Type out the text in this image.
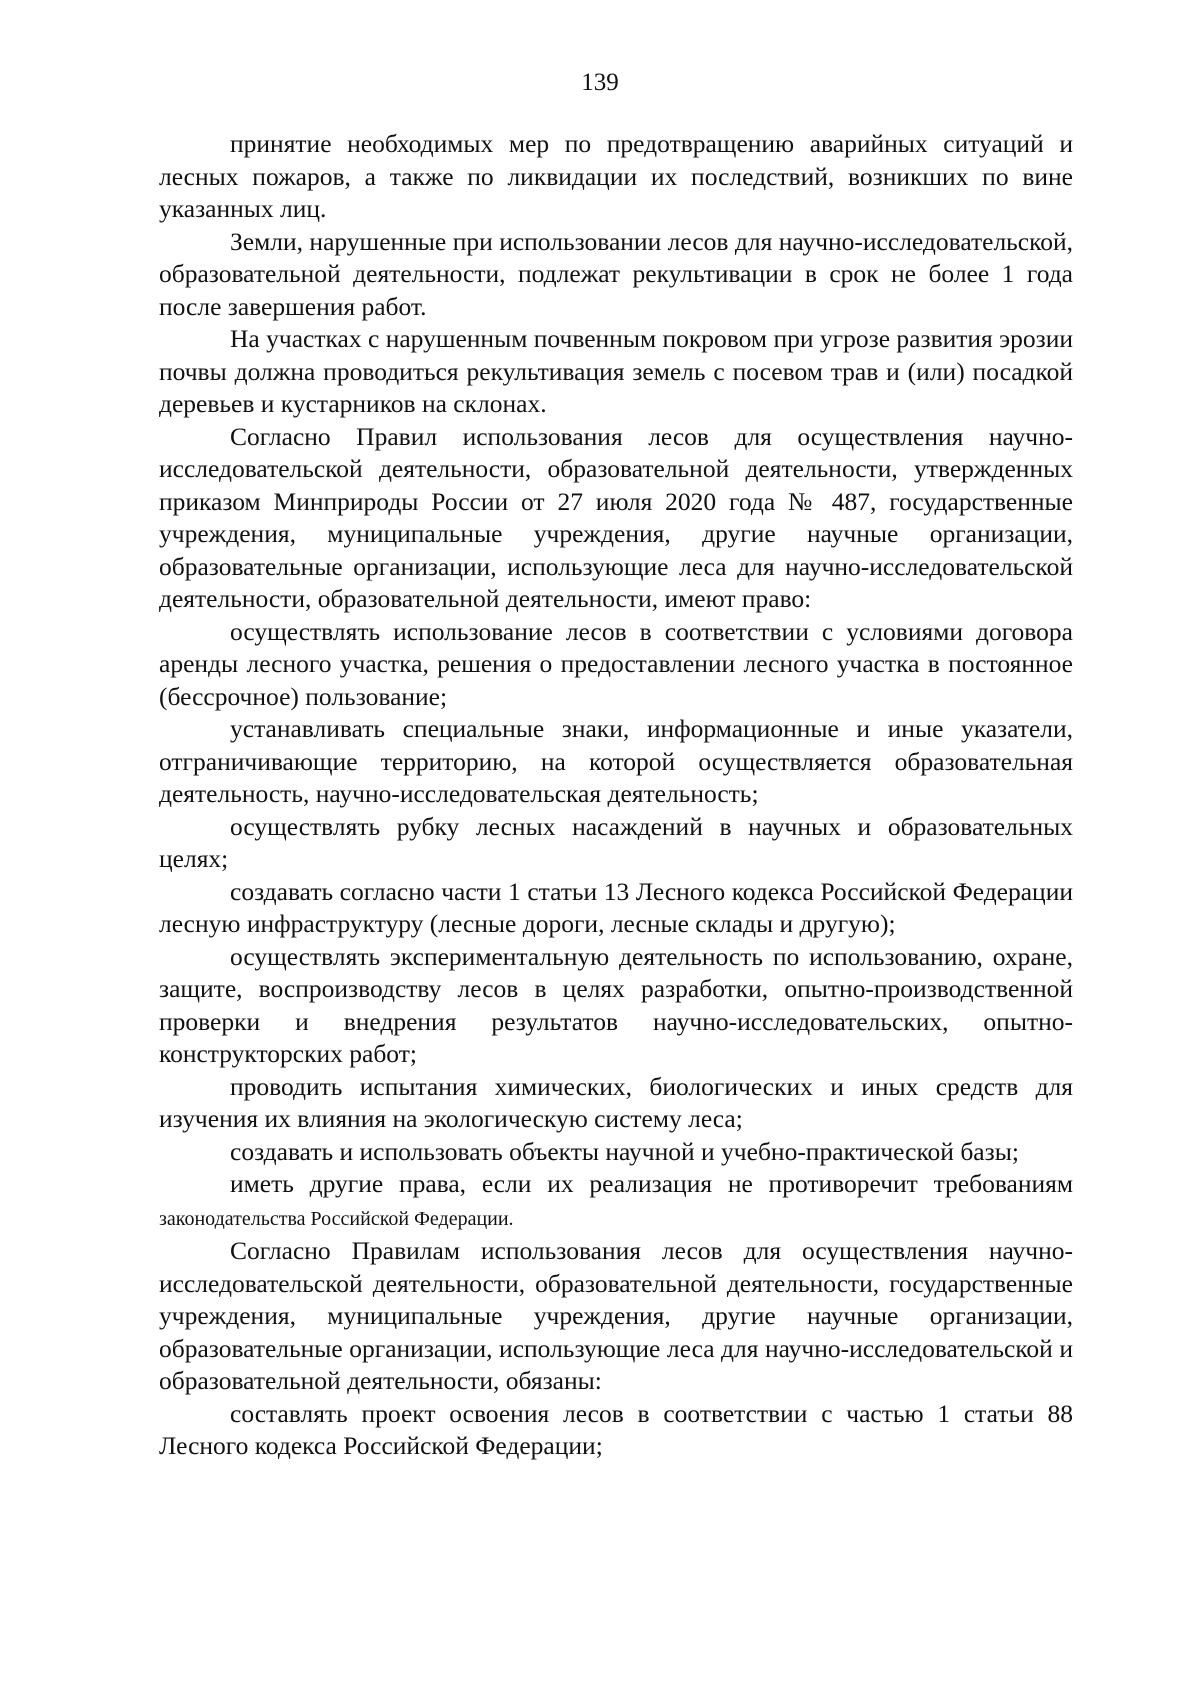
139

принятие необходимых мер по предотвращению аварийных ситуаций и лесных пожаров, а также по ликвидации их последствий, возникших по вине указанных лиц.

Земли, нарушенные при использовании лесов для научно-исследовательской, образовательной деятельности, подлежат рекультивации в срок не более 1 года после завершения работ.

На участках с нарушенным почвенным покровом при угрозе развития эрозии почвы должна проводиться рекультивация земель с посевом трав и (или) посадкой деревьев и кустарников на склонах.

Согласно Правил использования лесов для осуществления научно-исследовательской деятельности, образовательной деятельности, утвержденных приказом Минприроды России от 27 июля 2020 года № 487, государственные учреждения, муниципальные учреждения, другие научные организации, образовательные организации, использующие леса для научно-исследовательской деятельности, образовательной деятельности, имеют право:

осуществлять использование лесов в соответствии с условиями договора аренды лесного участка, решения о предоставлении лесного участка в постоянное (бессрочное) пользование;

устанавливать специальные знаки, информационные и иные указатели, отграничивающие территорию, на которой осуществляется образовательная деятельность, научно-исследовательская деятельность;

осуществлять рубку лесных насаждений в научных и образовательных целях;

создавать согласно части 1 статьи 13 Лесного кодекса Российской Федерации лесную инфраструктуру (лесные дороги, лесные склады и другую);

осуществлять экспериментальную деятельность по использованию, охране, защите, воспроизводству лесов в целях разработки, опытно-производственной проверки и внедрения результатов научно-исследовательских, опытно-конструкторских работ;

проводить испытания химических, биологических и иных средств для изучения их влияния на экологическую систему леса;

создавать и использовать объекты научной и учебно-практической базы;

иметь другие права, если их реализация не противоречит требованиям законодательства Российской Федерации.

Согласно Правилам использования лесов для осуществления научно-исследовательской деятельности, образовательной деятельности, государственные учреждения, муниципальные учреждения, другие научные организации, образовательные организации, использующие леса для научно-исследовательской и образовательной деятельности, обязаны:

составлять проект освоения лесов в соответствии с частью 1 статьи 88 Лесного кодекса Российской Федерации;
